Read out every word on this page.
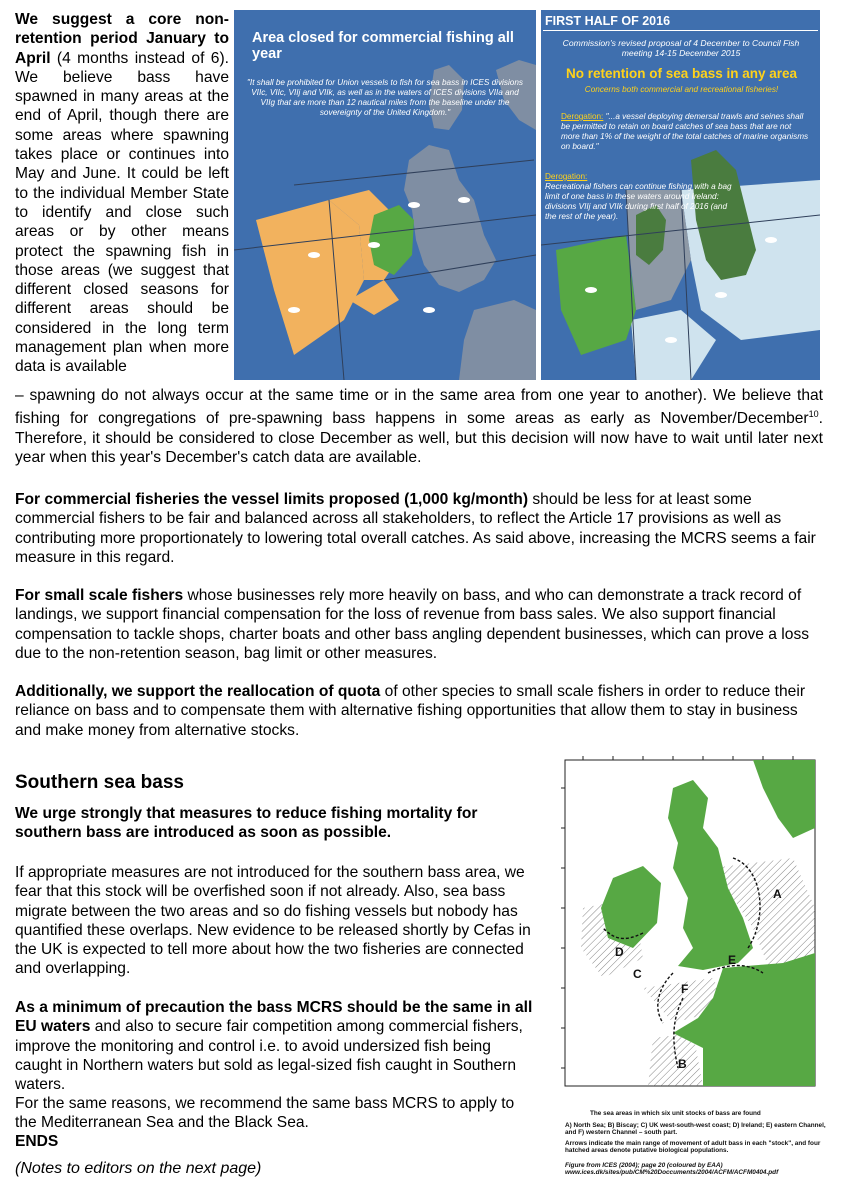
We suggest a core non-retention period January to April (4 months instead of 6). We believe bass have spawned in many areas at the end of April, though there are some areas where spawning takes place or continues into May and June. It could be left to the individual Member State to identify and close such areas or by other means protect the spawning fish in those areas (we suggest that different closed seasons for different areas should be considered in the long term management plan when more data is available
– spawning do not always occur at the same time or in the same area from one year to another). We believe that fishing for congregations of pre-spawning bass happens in some areas as early as November/December$^{10}$. Therefore, it should be considered to close December as well, but this decision will now have to wait until later next year when this year's December's catch data are available.
Area closed for commercial fishing all year
"It shall be prohibited for Union vessels to fish for sea bass in ICES divisions VIIc, VIIc, VIIj and VIIk, as well as in the waters of ICES divisions VIIa and VIIg that are more than 12 nautical miles from the baseline under the sovereignty of the United Kingdom."
FIRST HALF OF 2016
Commission's revised proposal of 4 December to Council Fish meeting 14-15 December 2015
No retention of sea bass in any area
Concerns both commercial and recreational fisheries!
Derogation: "...a vessel deploying demersal trawls and seines shall be permitted to retain on board catches of sea bass that are not more than 1% of the weight of the total catches of marine organisms on board."
Derogation:
Recreational fishers can continue fishing with a bag limit of one bass in these waters around Ireland: divisions VIIj and VIIk during first half of 2016 (and the rest of the year).
For commercial fisheries the vessel limits proposed (1,000 kg/month) should be less for at least some commercial fishers to be fair and balanced across all stakeholders, to reflect the Article 17 provisions as well as contributing more proportionately to lowering total overall catches. As said above, increasing the MCRS seems a fair measure in this regard.
For small scale fishers whose businesses rely more heavily on bass, and who can demonstrate a track record of landings, we support financial compensation for the loss of revenue from bass sales. We also support financial compensation to tackle shops, charter boats and other bass angling dependent businesses, which can prove a loss due to the non-retention season, bag limit or other measures.
Additionally, we support the reallocation of quota of other species to small scale fishers in order to reduce their reliance on bass and to compensate them with alternative fishing opportunities that allow them to stay in business and make money from alternative stocks.
Southern sea bass
We urge strongly that measures to reduce fishing mortality for southern bass are introduced as soon as possible.
If appropriate measures are not introduced for the southern bass area, we fear that this stock will be overfished soon if not already. Also, sea bass migrate between the two areas and so do fishing vessels but nobody has quantified these overlaps. New evidence to be released shortly by Cefas in the UK is expected to tell more about how the two fisheries are connected and overlapping.
As a minimum of precaution the bass MCRS should be the same in all EU waters and also to secure fair competition among commercial fishers, improve the monitoring and control i.e. to avoid undersized fish being caught in Northern waters but sold as legal-sized fish caught in Southern waters.
For the same reasons, we recommend the same bass MCRS to apply to the Mediterranean Sea and the Black Sea.
ENDS
(Notes to editors on the next page)
A
B
C
D
E
F
The sea areas in which six unit stocks of bass are found
A) North Sea; B) Biscay; C) UK west-south-west coast; D) Ireland; E) eastern Channel, and F) western Channel – south part.
Arrows indicate the main range of movement of adult bass in each "stock", and four hatched areas denote putative biological populations.
Figure from ICES (2004); page 20 (coloured by EAA) www.ices.dk/sites/pub/CM%20Doccuments/2004/ACFM/ACFM0404.pdf
